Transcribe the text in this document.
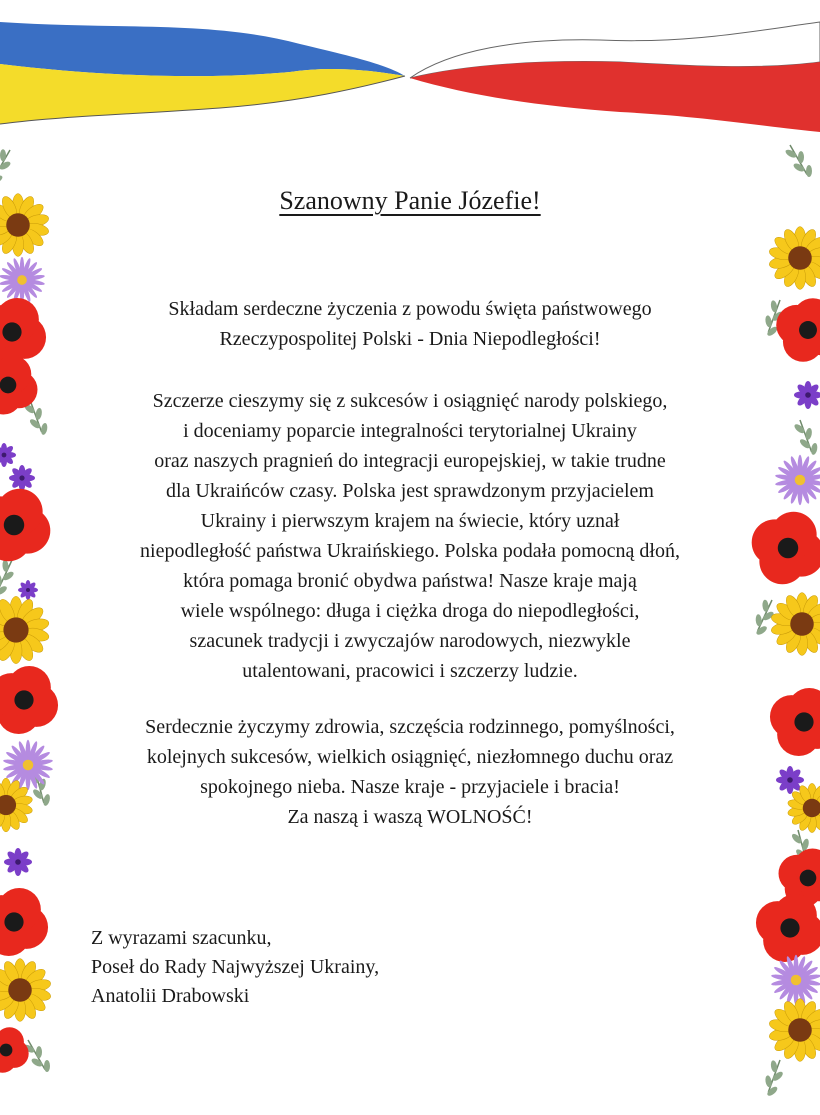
Szanowny Panie Józefie!

Składam serdeczne życzenia z powodu święta państwowego
Rzeczypospolitej Polski - Dnia Niepodległości!

Szczerze cieszymy się z sukcesów i osiągnięć narody polskiego,
i doceniamy poparcie integralności terytorialnej Ukrainy
oraz naszych pragnień do integracji europejskiej, w takie trudne
dla Ukraińców czasy. Polska jest sprawdzonym przyjacielem
Ukrainy i pierwszym krajem na świecie, który uznał
niepodległość państwa Ukraińskiego. Polska podała pomocną dłoń,
która pomaga bronić obydwa państwa! Nasze kraje mają
wiele wspólnego: długa i ciężka droga do niepodległości,
szacunek tradycji i zwyczajów narodowych, niezwykle
utalentowani, pracowici i szczerzy ludzie.

Serdecznie życzymy zdrowia, szczęścia rodzinnego, pomyślności,
kolejnych sukcesów, wielkich osiągnięć, niezłomnego duchu oraz
spokojnego nieba. Nasze kraje - przyjaciele i bracia!
Za naszą i waszą WOLNOŚĆ!

Z wyrazami szacunku,
Poseł do Rady Najwyższej Ukrainy,
Anatolii Drabowski
